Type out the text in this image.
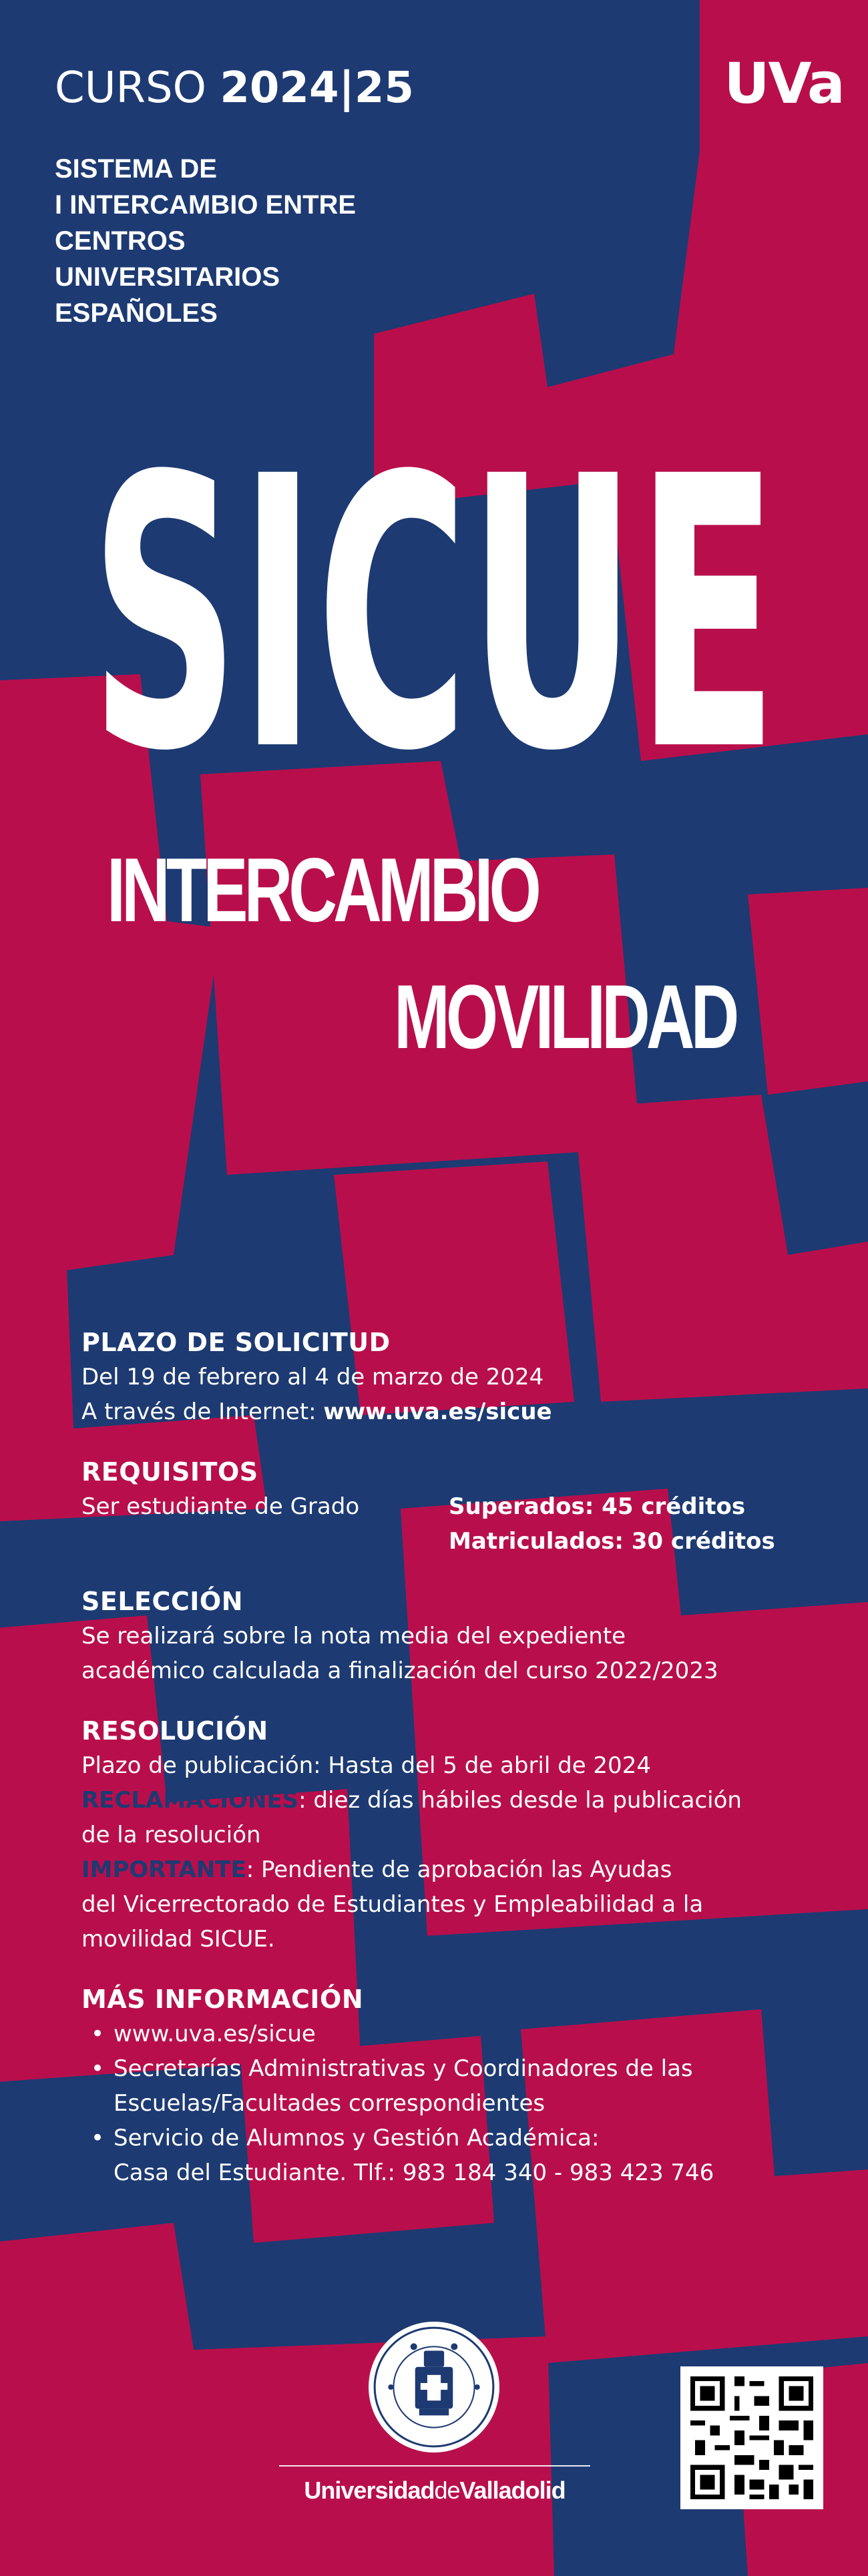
UVa
CURSO 2024|25
SISTEMA DE
I INTERCAMBIO ENTRE
CENTROS
UNIVERSITARIOS
ESPAÑOLES
SICUE
INTERCAMBIO
MOVILIDAD
PLAZO DE SOLICITUD

Del 19 de febrero al 4 de marzo de 2024

A través de Internet: www.uva.es/sicue

REQUISITOS
Ser estudiante de Grado	Superados: 45 créditos
Matriculados: 30 créditos
SELECCIÓN

Se realizará sobre la nota media del expediente

académico calculada a finalización del curso 2022/2023

RESOLUCIÓN

Plazo de publicación: Hasta del 5 de abril de 2024

RECLAMACIONES: diez días hábiles desde la publicación

de la resolución

IMPORTANTE: Pendiente de aprobación las Ayudas

del Vicerrectorado de Estudiantes y Empleabilidad a la

movilidad SICUE.

MÁS INFORMACIÓN
• www.uva.es/sicue
• Secretarías Administrativas y Coordinadores de las
Escuelas/Facultades correspondientes
• Servicio de Alumnos y Gestión Académica:
Casa del Estudiante. Tlf.: 983 184 340 - 983 423 746
UniversidaddeValladolid
